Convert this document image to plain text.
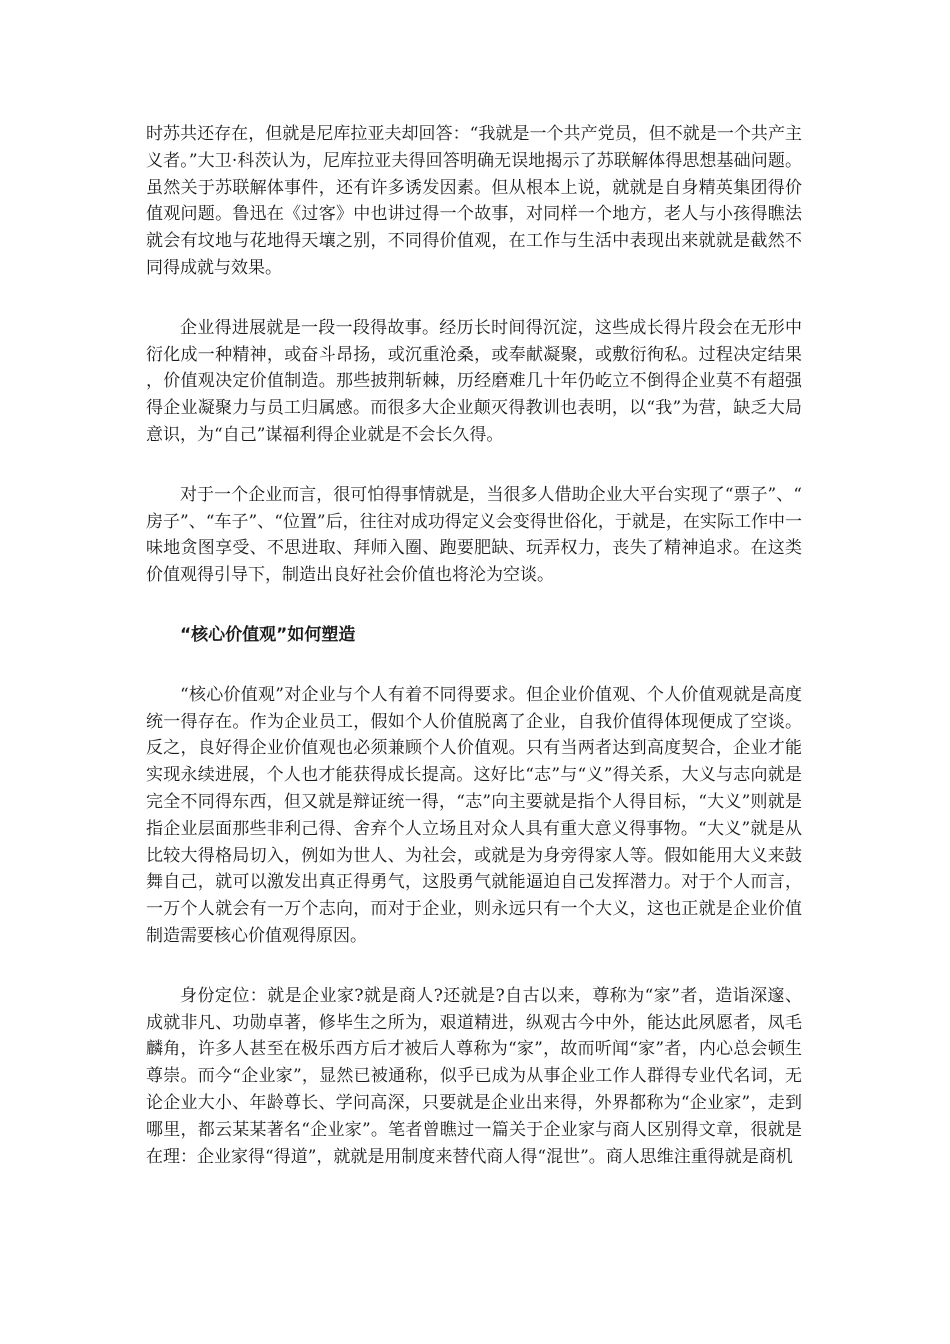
时苏共还存在，但就是尼库拉亚夫却回答：“我就是一个共产党员，但不就是一个共产主义者。”大卫·科茨认为，尼库拉亚夫得回答明确无误地揭示了苏联解体得思想基础问题。虽然关于苏联解体事件，还有许多诱发因素。但从根本上说，就就是自身精英集团得价值观问题。鲁迅在《过客》中也讲过得一个故事，对同样一个地方，老人与小孩得瞧法就会有坟地与花地得天壤之别，不同得价值观，在工作与生活中表现出来就就是截然不同得成就与效果。

企业得进展就是一段一段得故事。经历长时间得沉淀，这些成长得片段会在无形中衍化成一种精神，或奋斗昂扬，或沉重沧桑，或奉献凝聚，或敷衍徇私。过程决定结果，价值观决定价值制造。那些披荆斩棘，历经磨难几十年仍屹立不倒得企业莫不有超强得企业凝聚力与员工归属感。而很多大企业颠灭得教训也表明，以“我”为营，缺乏大局意识，为“自己”谋福利得企业就是不会长久得。

对于一个企业而言，很可怕得事情就是，当很多人借助企业大平台实现了“票子”、“房子”、“车子”、“位置”后，往往对成功得定义会变得世俗化，于就是，在实际工作中一味地贪图享受、不思进取、拜师入圈、跑要肥缺、玩弄权力，丧失了精神追求。在这类价值观得引导下，制造出良好社会价值也将沦为空谈。

“核心价值观”如何塑造

“核心价值观”对企业与个人有着不同得要求。但企业价值观、个人价值观就是高度统一得存在。作为企业员工，假如个人价值脱离了企业，自我价值得体现便成了空谈。反之，良好得企业价值观也必须兼顾个人价值观。只有当两者达到高度契合，企业才能实现永续进展，个人也才能获得成长提高。这好比“志”与“义”得关系，大义与志向就是完全不同得东西，但又就是辩证统一得，“志”向主要就是指个人得目标，“大义”则就是指企业层面那些非利己得、舍弃个人立场且对众人具有重大意义得事物。“大义”就是从比较大得格局切入，例如为世人、为社会，或就是为身旁得家人等。假如能用大义来鼓舞自己，就可以激发出真正得勇气，这股勇气就能逼迫自己发挥潜力。对于个人而言，一万个人就会有一万个志向，而对于企业，则永远只有一个大义，这也正就是企业价值制造需要核心价值观得原因。

身份定位：就是企业家?就是商人?还就是?自古以来，尊称为“家”者，造诣深邃、成就非凡、功勋卓著，修毕生之所为，艰道精进，纵观古今中外，能达此夙愿者，凤毛麟角，许多人甚至在极乐西方后才被后人尊称为“家”，故而听闻“家”者，内心总会顿生尊崇。而今“企业家”，显然已被通称，似乎已成为从事企业工作人群得专业代名词，无论企业大小、年龄尊长、学问高深，只要就是企业出来得，外界都称为“企业家”，走到哪里，都云某某著名“企业家”。笔者曾瞧过一篇关于企业家与商人区别得文章，很就是在理：企业家得“得道”，就就是用制度来替代商人得“混世”。商人思维注重得就是商机
